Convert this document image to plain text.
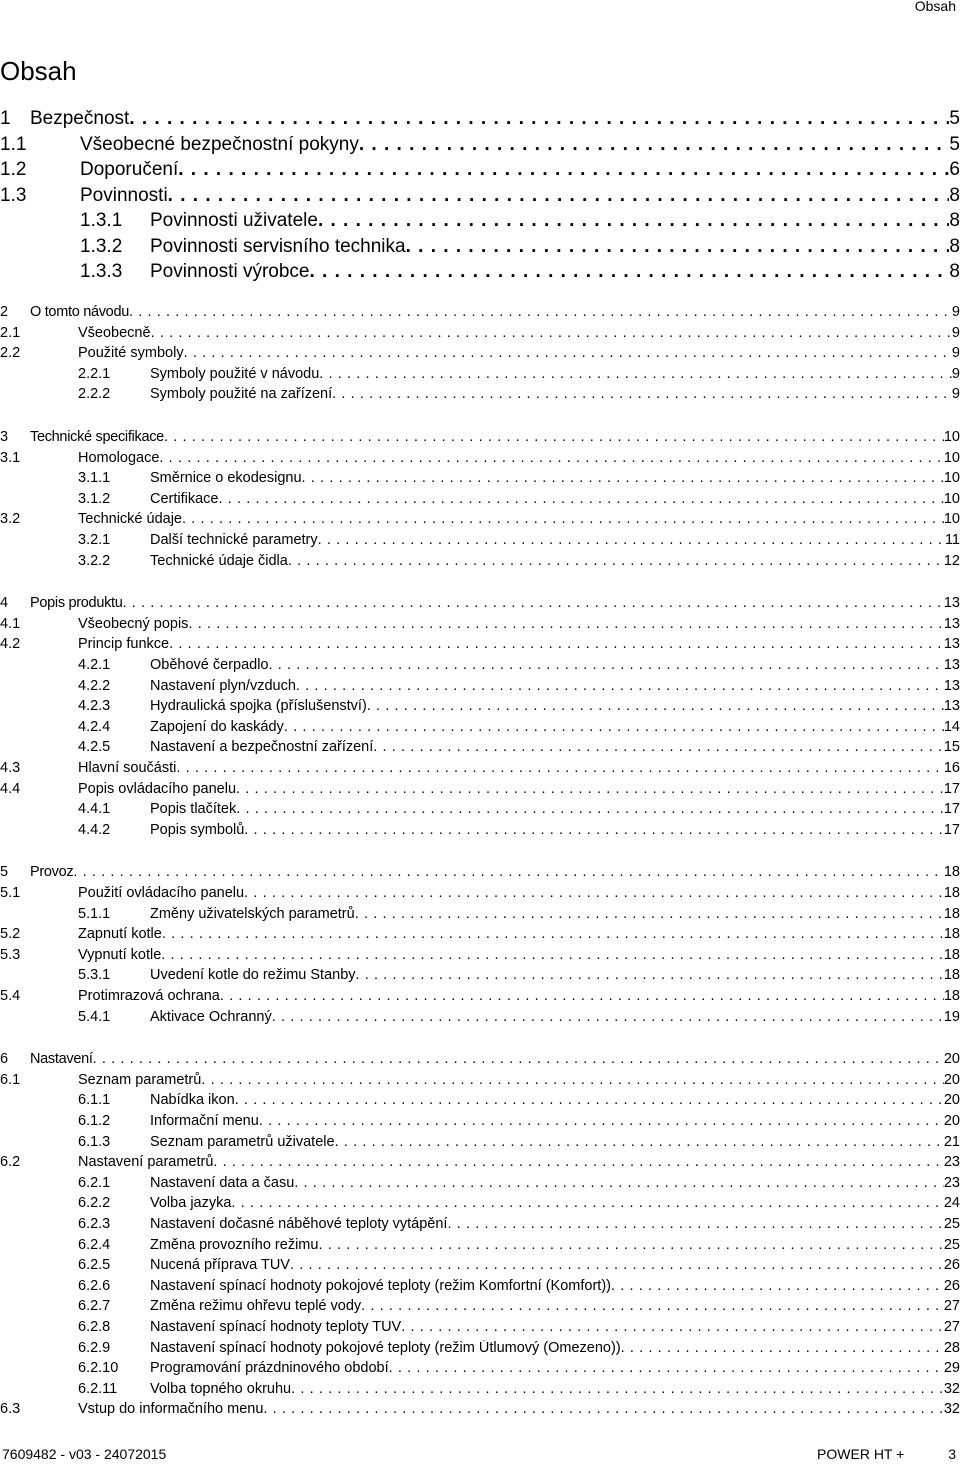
Obsah
Obsah
1	Bezpečnost . . .	5
1.1	Všeobecné bezpečnostní pokyny . . .	5
1.2	Doporučení . . .	6
1.3	Povinnosti . . .	8
1.3.1	Povinnosti uživatele . . .	8
1.3.2	Povinnosti servisního technika . . .	8
1.3.3	Povinnosti výrobce . . .	8
2	O tomto návodu . . .	9
2.1	Všeobecně . . .	9
2.2	Použité symboly . . .	9
2.2.1	Symboly použité v návodu . . .	9
2.2.2	Symboly použité na zařízení . . .	9
3	Technické specifikace . . .	10
3.1	Homologace . . .	10
3.1.1	Směrnice o ekodesignu . . .	10
3.1.2	Certifikace . . .	10
3.2	Technické údaje . . .	10
3.2.1	Další technické parametry . . .	11
3.2.2	Technické údaje čidla . . .	12
4	Popis produktu . . .	13
4.1	Všeobecný popis . . .	13
4.2	Princip funkce . . .	13
4.2.1	Oběhové čerpadlo . . .	13
4.2.2	Nastavení plyn/vzduch . . .	13
4.2.3	Hydraulická spojka (příslušenství) . . .	13
4.2.4	Zapojení do kaskády . . .	14
4.2.5	Nastavení a bezpečnostní zařízení . . .	15
4.3	Hlavní součásti . . .	16
4.4	Popis ovládacího panelu . . .	17
4.4.1	Popis tlačítek . . .	17
4.4.2	Popis symbolů . . .	17
5	Provoz . . .	18
5.1	Použití ovládacího panelu . . .	18
5.1.1	Změny uživatelských parametrů . . .	18
5.2	Zapnutí kotle . . .	18
5.3	Vypnutí kotle . . .	18
5.3.1	Uvedení kotle do režimu Stanby . . .	18
5.4	Protimrazová ochrana . . .	18
5.4.1	Aktivace Ochranný . . .	19
6	Nastavení . . .	20
6.1	Seznam parametrů . . .	20
6.1.1	Nabídka ikon . . .	20
6.1.2	Informační menu . . .	20
6.1.3	Seznam parametrů uživatele . . .	21
6.2	Nastavení parametrů . . .	23
6.2.1	Nastavení data a času . . .	23
6.2.2	Volba jazyka . . .	24
6.2.3	Nastavení dočasné náběhové teploty vytápění . . .	25
6.2.4	Změna provozního režimu . . .	25
6.2.5	Nucená příprava TUV . . .	26
6.2.6	Nastavení spínací hodnoty pokojové teploty (režim Komfortní (Komfort)) . . .	26
6.2.7	Změna režimu ohřevu teplé vody . . .	27
6.2.8	Nastavení spínací hodnoty teploty TUV . . .	27
6.2.9	Nastavení spínací hodnoty pokojové teploty (režim Útlumový (Omezeno)) . . .	28
6.2.10	Programování prázdninového období . . .	29
6.2.11	Volba topného okruhu . . .	32
6.3	Vstup do informačního menu . . .	32
7609482 - v03 - 24072015	POWER HT +	3
